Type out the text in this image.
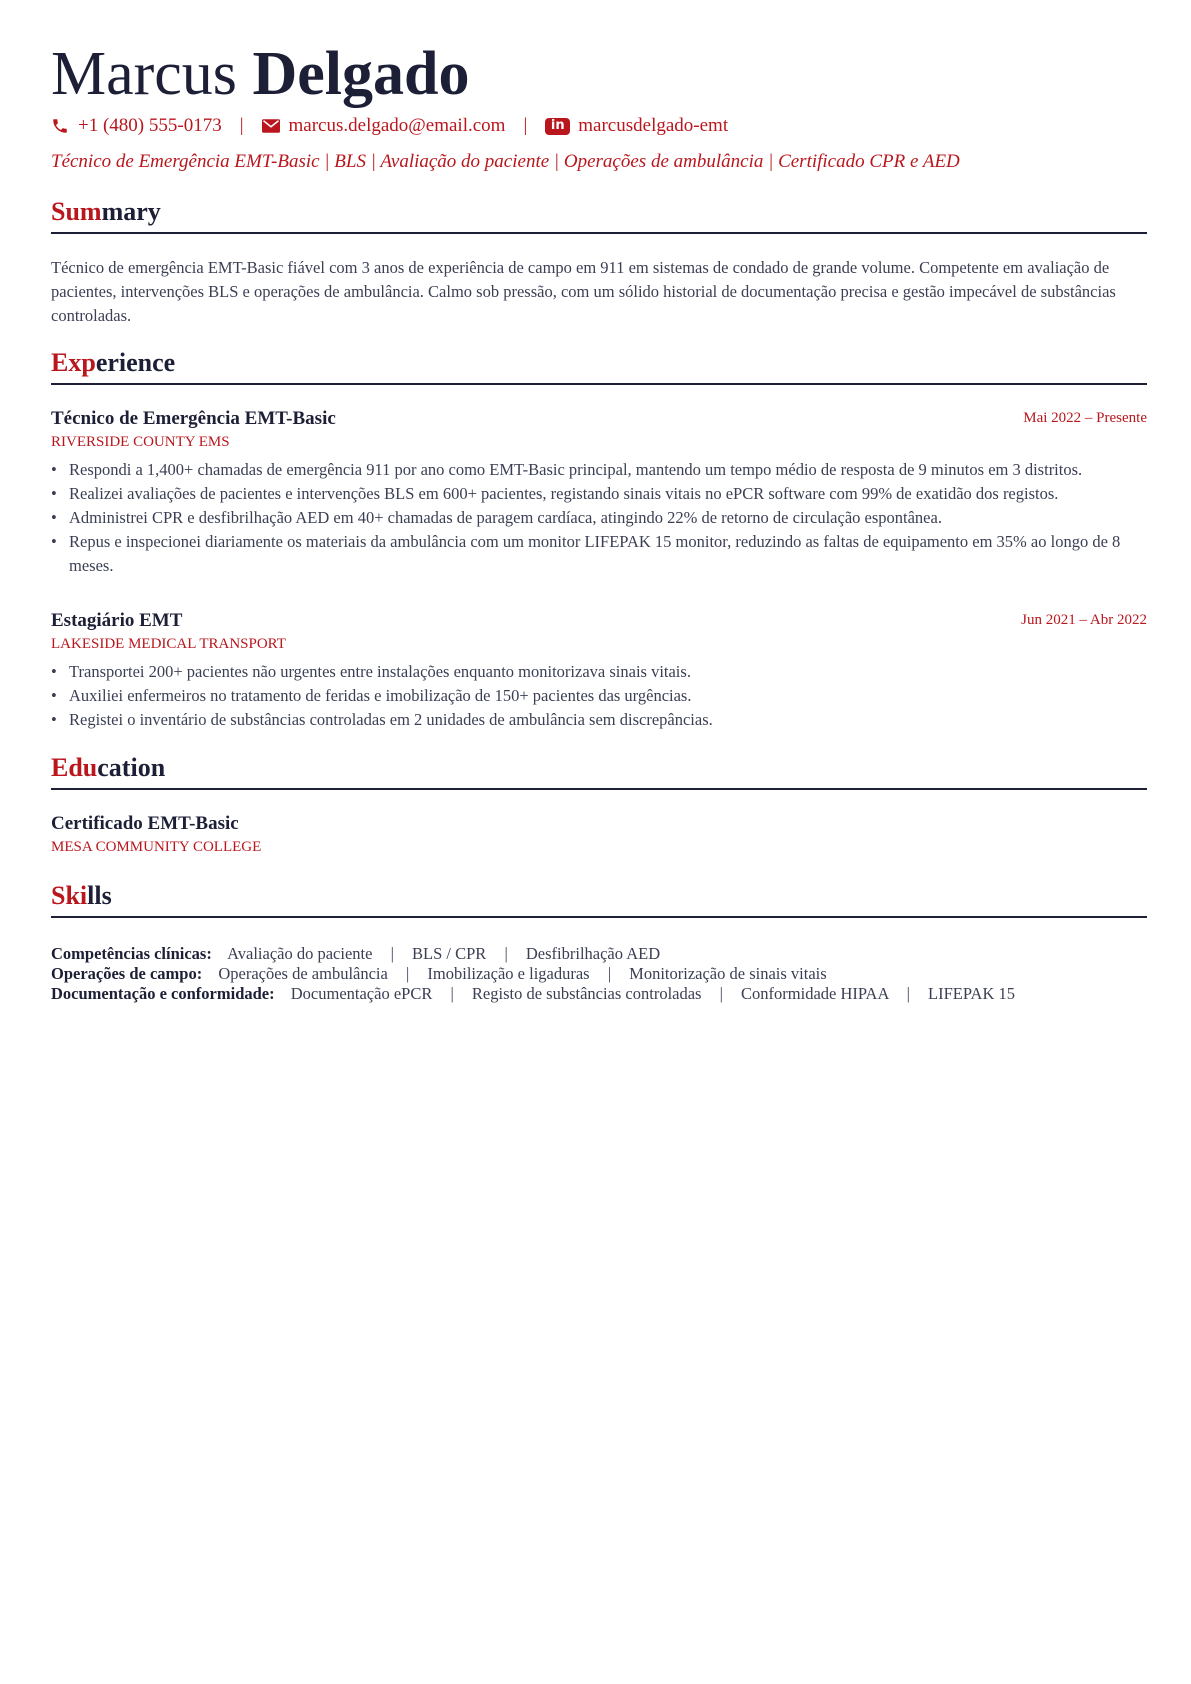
Marcus Delgado
+1 (480) 555-0173 | marcus.delgado@email.com |	in marcusdelgado-emt
Técnico de Emergência EMT-Basic | BLS | Avaliação do paciente | Operações de ambulância | Certificado CPR e AED
Summary
Técnico de emergência EMT-Basic fiável com 3 anos de experiência de campo em 911 em sistemas de condado de grande volume. Competente em avaliação de pacientes, intervenções BLS e operações de ambulância. Calmo sob pressão, com um sólido historial de documentação precisa e gestão impecável de substâncias controladas.
Experience
Técnico de Emergência EMT-Basic	Mai 2022 – Presente
RIVERSIDE COUNTY EMS
• Respondi a 1,400+ chamadas de emergência 911 por ano como EMT-Basic principal, mantendo um tempo médio de resposta de 9 minutos em 3 distritos.
• Realizei avaliações de pacientes e intervenções BLS em 600+ pacientes, registando sinais vitais no ePCR software com 99% de exatidão dos registos.
• Administrei CPR e desfibrilhação AED em 40+ chamadas de paragem cardíaca, atingindo 22% de retorno de circulação espontânea.
• Repus e inspecionei diariamente os materiais da ambulância com um monitor LIFEPAK 15 monitor, reduzindo as faltas de equipamento em 35% ao longo de 8 meses.
Estagiário EMT	Jun 2021 – Abr 2022
LAKESIDE MEDICAL TRANSPORT
• Transportei 200+ pacientes não urgentes entre instalações enquanto monitorizava sinais vitais.
• Auxiliei enfermeiros no tratamento de feridas e imobilização de 150+ pacientes das urgências.
• Registei o inventário de substâncias controladas em 2 unidades de ambulância sem discrepâncias.
Education
Certificado EMT-Basic
MESA COMMUNITY COLLEGE
Skills
Competências clínicas: Avaliação do paciente | BLS / CPR | Desfibrilhação AED
Operações de campo: Operações de ambulância | Imobilização e ligaduras | Monitorização de sinais vitais
Documentação e conformidade: Documentação ePCR | Registo de substâncias controladas | Conformidade HIPAA | LIFEPAK 15
